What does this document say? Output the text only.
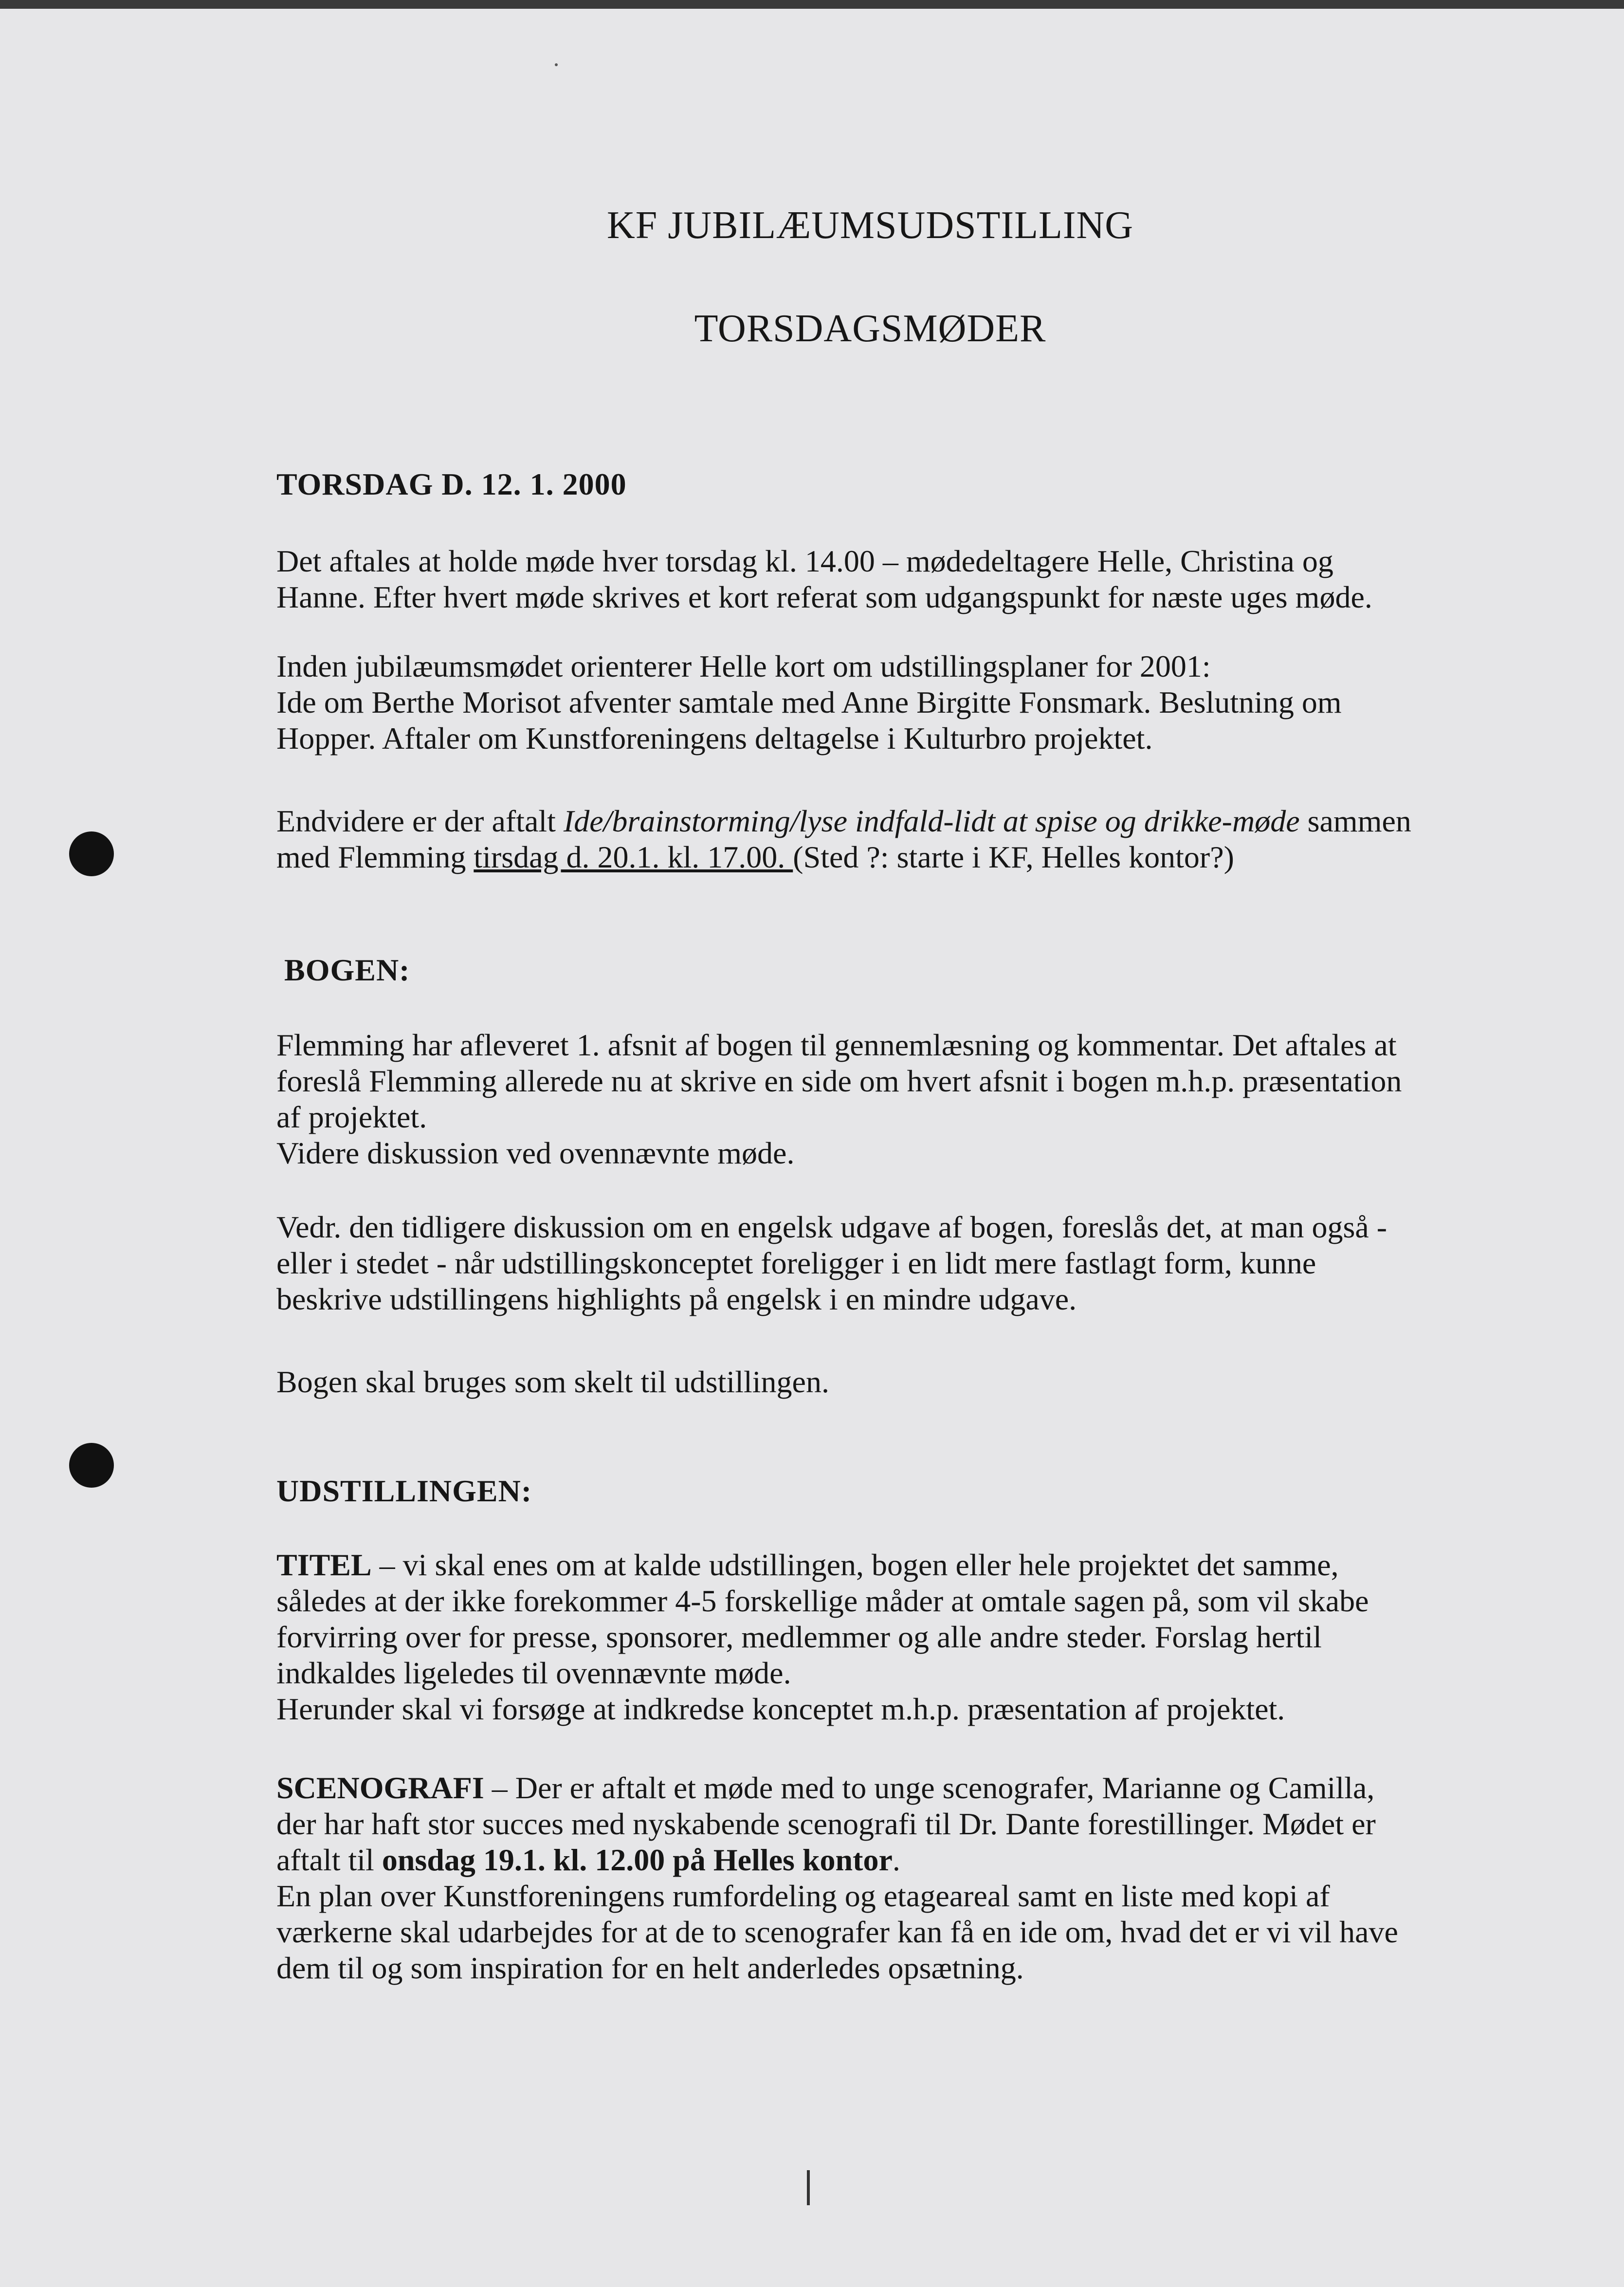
KF JUBILÆUMSUDSTILLING
TORSDAGSMØDER
TORSDAG D. 12. 1. 2000

Det aftales at holde møde hver torsdag kl. 14.00 – mødedeltagere Helle, Christina og
Hanne. Efter hvert møde skrives et kort referat som udgangspunkt for næste uges møde.

Inden jubilæumsmødet orienterer Helle kort om udstillingsplaner for 2001:
Ide om Berthe Morisot afventer samtale med Anne Birgitte Fonsmark. Beslutning om
Hopper. Aftaler om Kunstforeningens deltagelse i Kulturbro projektet.

Endvidere er der aftalt Ide/brainstorming/lyse indfald-lidt at spise og drikke-møde sammen
med Flemming tirsdag d. 20.1. kl. 17.00. (Sted ?: starte i KF, Helles kontor?)

BOGEN:

Flemming har afleveret 1. afsnit af bogen til gennemlæsning og kommentar. Det aftales at
foreslå Flemming allerede nu at skrive en side om hvert afsnit i bogen m.h.p. præsentation
af projektet.
Videre diskussion ved ovennævnte møde.

Vedr. den tidligere diskussion om en engelsk udgave af bogen, foreslås det, at man også -
eller i stedet - når udstillingskonceptet foreligger i en lidt mere fastlagt form, kunne
beskrive udstillingens highlights på engelsk i en mindre udgave.

Bogen skal bruges som skelt til udstillingen.

UDSTILLINGEN:

TITEL – vi skal enes om at kalde udstillingen, bogen eller hele projektet det samme,
således at der ikke forekommer 4-5 forskellige måder at omtale sagen på, som vil skabe
forvirring over for presse, sponsorer, medlemmer og alle andre steder. Forslag hertil
indkaldes ligeledes til ovennævnte møde.
Herunder skal vi forsøge at indkredse konceptet m.h.p. præsentation af projektet.

SCENOGRAFI – Der er aftalt et møde med to unge scenografer, Marianne og Camilla,
der har haft stor succes med nyskabende scenografi til Dr. Dante forestillinger. Mødet er
aftalt til onsdag 19.1. kl. 12.00 på Helles kontor.
En plan over Kunstforeningens rumfordeling og etageareal samt en liste med kopi af
værkerne skal udarbejdes for at de to scenografer kan få en ide om, hvad det er vi vil have
dem til og som inspiration for en helt anderledes opsætning.
